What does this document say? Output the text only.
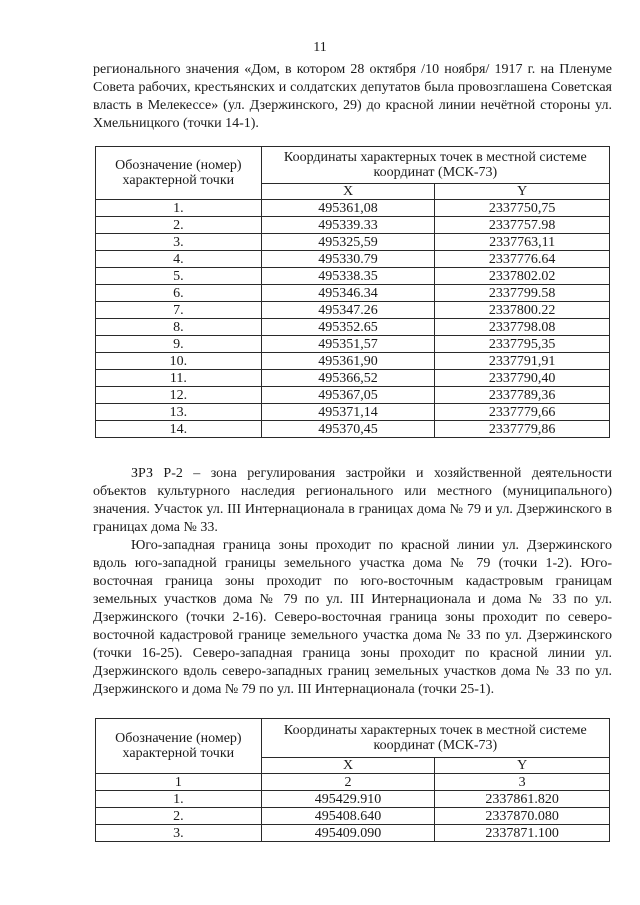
11

регионального значения «Дом, в котором 28 октября /10 ноября/ 1917 г. на Пленуме Совета рабочих, крестьянских и солдатских депутатов была провозглашена Советская власть в Мелекессе» (ул. Дзержинского, 29) до красной линии нечётной стороны ул. Хмельницкого (точки 14-1).

Обозначение (номер) характерной точки	Координаты характерных точек в местной системе координат (МСК-73)	
	X	Y
1.	495361,08	2337750,75
2.	495339.33	2337757.98
3.	495325,59	2337763,11
4.	495330.79	2337776.64
5.	495338.35	2337802.02
6.	495346.34	2337799.58
7.	495347.26	2337800.22
8.	495352.65	2337798.08
9.	495351,57	2337795,35
10.	495361,90	2337791,91
11.	495366,52	2337790,40
12.	495367,05	2337789,36
13.	495371,14	2337779,66
14.	495370,45	2337779,86

ЗРЗ Р-2 – зона регулирования застройки и хозяйственной деятельности объектов культурного наследия регионального или местного (муниципального) значения. Участок ул. III Интернационала в границах дома № 79 и ул. Дзержинского в границах дома № 33.

Юго-западная граница зоны проходит по красной линии ул. Дзержинского вдоль юго-западной границы земельного участка дома № 79 (точки 1-2). Юго-восточная граница зоны проходит по юго-восточным кадастровым границам земельных участков дома № 79 по ул. III Интернационала и дома № 33 по ул. Дзержинского (точки 2-16). Северо-восточная граница зоны проходит по северо-восточной кадастровой границе земельного участка дома № 33 по ул. Дзержинского (точки 16-25). Северо-западная граница зоны проходит по красной линии ул. Дзержинского вдоль северо-западных границ земельных участков дома № 33 по ул. Дзержинского и дома № 79 по ул. III Интернационала (точки 25-1).

Обозначение (номер) характерной точки	Координаты характерных точек в местной системе координат (МСК-73)	
	X	Y
1	2	3
1.	495429.910	2337861.820
2.	495408.640	2337870.080
3.	495409.090	2337871.100
